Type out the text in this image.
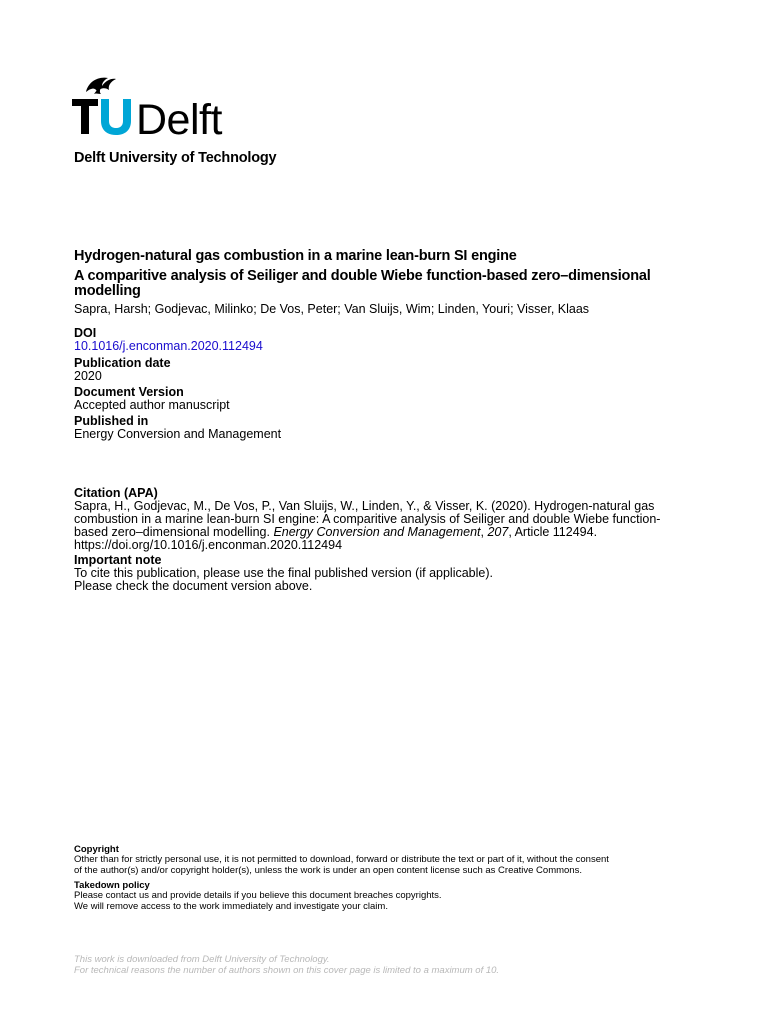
Delft
Delft University of Technology
Hydrogen-natural gas combustion in a marine lean-burn SI engine
A comparitive analysis of Seiliger and double Wiebe function-based zero–dimensional modelling
Sapra, Harsh; Godjevac, Milinko; De Vos, Peter; Van Sluijs, Wim; Linden, Youri; Visser, Klaas
DOI
10.1016/j.enconman.2020.112494
Publication date
2020
Document Version
Accepted author manuscript
Published in
Energy Conversion and Management
Citation (APA)
Sapra, H., Godjevac, M., De Vos, P., Van Sluijs, W., Linden, Y., & Visser, K. (2020). Hydrogen-natural gas combustion in a marine lean-burn SI engine: A comparitive analysis of Seiliger and double Wiebe function-based zero–dimensional modelling. Energy Conversion and Management, 207, Article 112494.
https://doi.org/10.1016/j.enconman.2020.112494
Important note
To cite this publication, please use the final published version (if applicable).
Please check the document version above.
Copyright
Other than for strictly personal use, it is not permitted to download, forward or distribute the text or part of it, without the consent
of the author(s) and/or copyright holder(s), unless the work is under an open content license such as Creative Commons.
Takedown policy
Please contact us and provide details if you believe this document breaches copyrights.
We will remove access to the work immediately and investigate your claim.
This work is downloaded from Delft University of Technology.
For technical reasons the number of authors shown on this cover page is limited to a maximum of 10.
